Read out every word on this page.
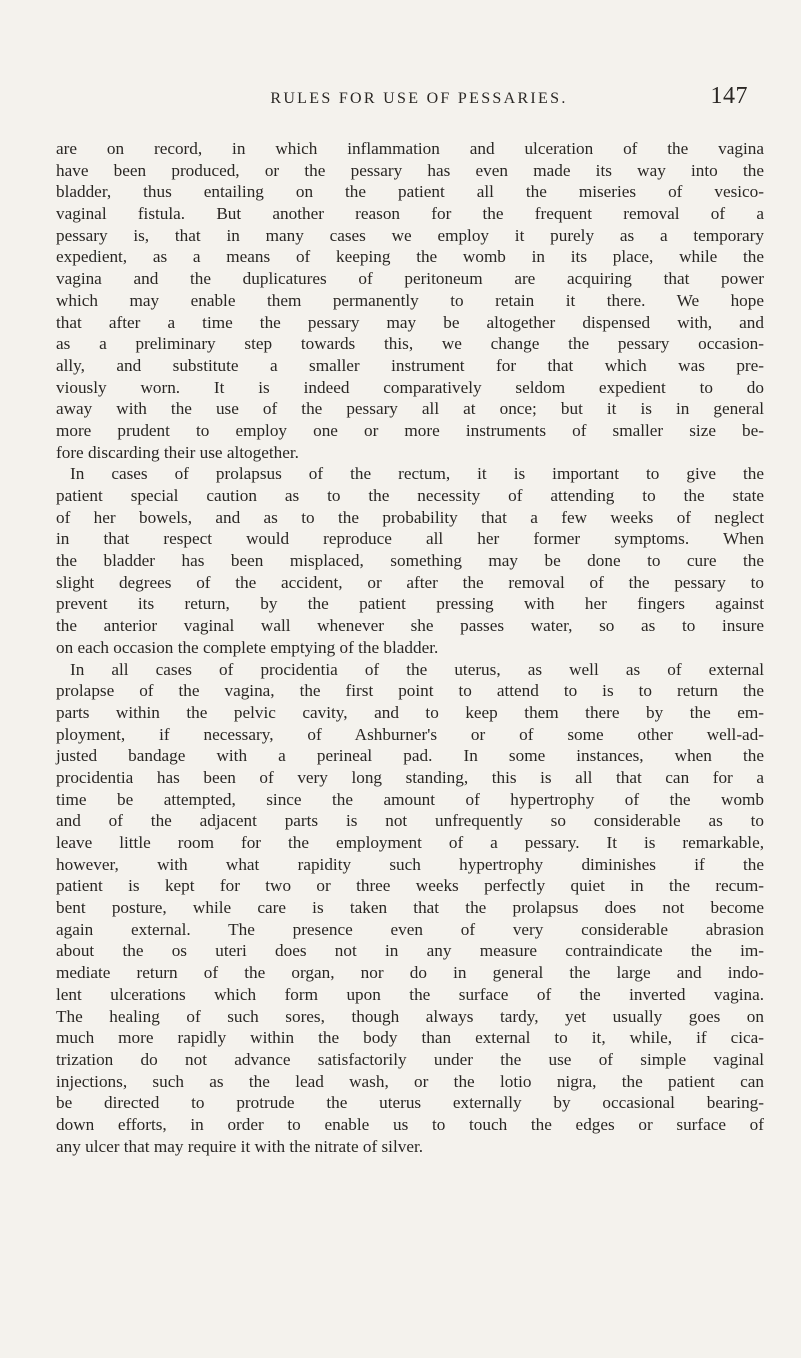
RULES FOR USE OF PESSARIES.	147
are on record, in which inflammation and ulceration of the vagina
have been produced, or the pessary has even made its way into the
bladder, thus entailing on the patient all the miseries of vesico-
vaginal fistula. But another reason for the frequent removal of a
pessary is, that in many cases we employ it purely as a temporary
expedient, as a means of keeping the womb in its place, while the
vagina and the duplicatures of peritoneum are acquiring that power
which may enable them permanently to retain it there. We hope
that after a time the pessary may be altogether dispensed with, and
as a preliminary step towards this, we change the pessary occasion-
ally, and substitute a smaller instrument for that which was pre-
viously worn. It is indeed comparatively seldom expedient to do
away with the use of the pessary all at once; but it is in general
more prudent to employ one or more instruments of smaller size be-
fore discarding their use altogether.
In cases of prolapsus of the rectum, it is important to give the
patient special caution as to the necessity of attending to the state
of her bowels, and as to the probability that a few weeks of neglect
in that respect would reproduce all her former symptoms. When
the bladder has been misplaced, something may be done to cure the
slight degrees of the accident, or after the removal of the pessary to
prevent its return, by the patient pressing with her fingers against
the anterior vaginal wall whenever she passes water, so as to insure
on each occasion the complete emptying of the bladder.
In all cases of procidentia of the uterus, as well as of external
prolapse of the vagina, the first point to attend to is to return the
parts within the pelvic cavity, and to keep them there by the em-
ployment, if necessary, of Ashburner's or of some other well-ad-
justed bandage with a perineal pad. In some instances, when the
procidentia has been of very long standing, this is all that can for a
time be attempted, since the amount of hypertrophy of the womb
and of the adjacent parts is not unfrequently so considerable as to
leave little room for the employment of a pessary. It is remarkable,
however, with what rapidity such hypertrophy diminishes if the
patient is kept for two or three weeks perfectly quiet in the recum-
bent posture, while care is taken that the prolapsus does not become
again external. The presence even of very considerable abrasion
about the os uteri does not in any measure contraindicate the im-
mediate return of the organ, nor do in general the large and indo-
lent ulcerations which form upon the surface of the inverted vagina.
The healing of such sores, though always tardy, yet usually goes on
much more rapidly within the body than external to it, while, if cica-
trization do not advance satisfactorily under the use of simple vaginal
injections, such as the lead wash, or the lotio nigra, the patient can
be directed to protrude the uterus externally by occasional bearing-
down efforts, in order to enable us to touch the edges or surface of
any ulcer that may require it with the nitrate of silver.
